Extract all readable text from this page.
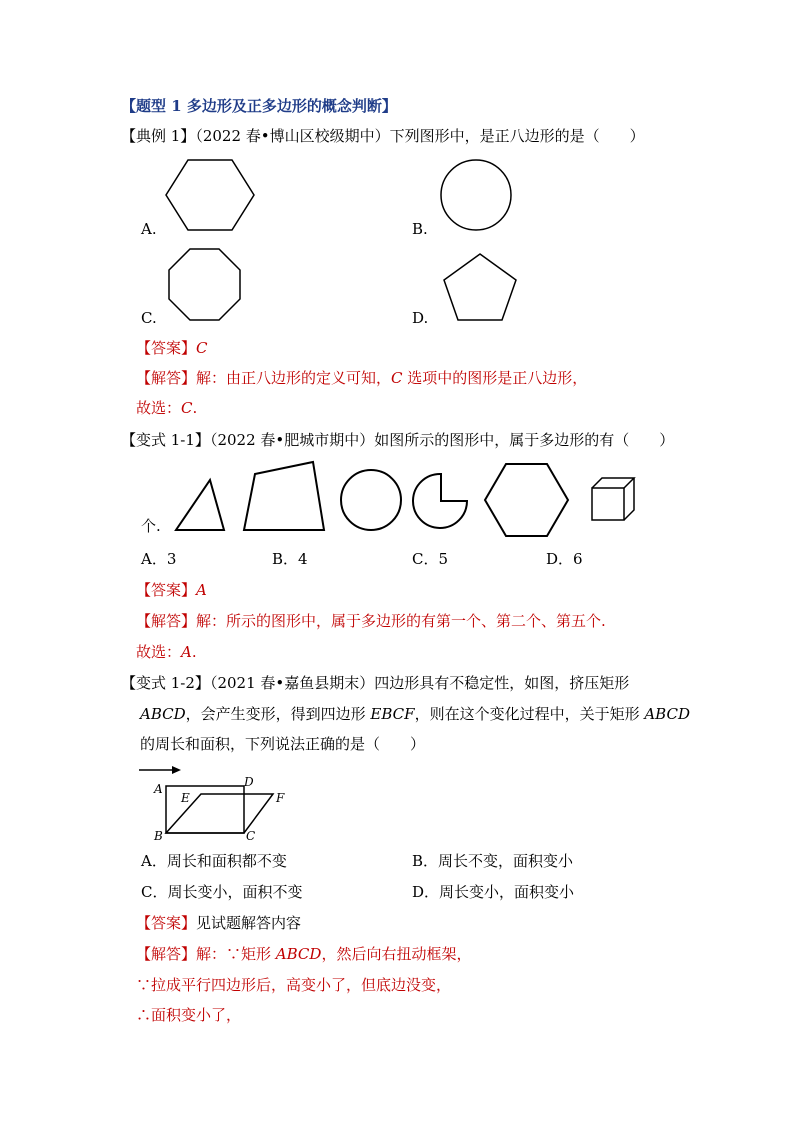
【题型 1 多边形及正多边形的概念判断】
【典例 1】（2022 春•博山区校级期中）下列图形中，是正八边形的是（　　）
A.	B.
C.	D.
【答案】C
【解答】解：由正八边形的定义可知，C 选项中的图形是正八边形，
故选：C.
【变式 1-1】（2022 春•肥城市期中）如图所示的图形中，属于多边形的有（　　）
个.
A．3	B．4	C．5	D．6
【答案】A
【解答】解：所示的图形中，属于多边形的有第一个、第二个、第五个.
故选：A.
【变式 1-2】（2021 春•嘉鱼县期末）四边形具有不稳定性，如图，挤压矩形
ABCD，会产生变形，得到四边形 EBCF，则在这个变化过程中，关于矩形 ABCD
的周长和面积，下列说法正确的是（　　）
A	D
E	F
B	C
A．周长和面积都不变	B．周长不变，面积变小
C．周长变小，面积不变	D．周长变小，面积变小
【答案】见试题解答内容
【解答】解：∵矩形 ABCD，然后向右扭动框架，
∵拉成平行四边形后，高变小了，但底边没变，
∴面积变小了，
